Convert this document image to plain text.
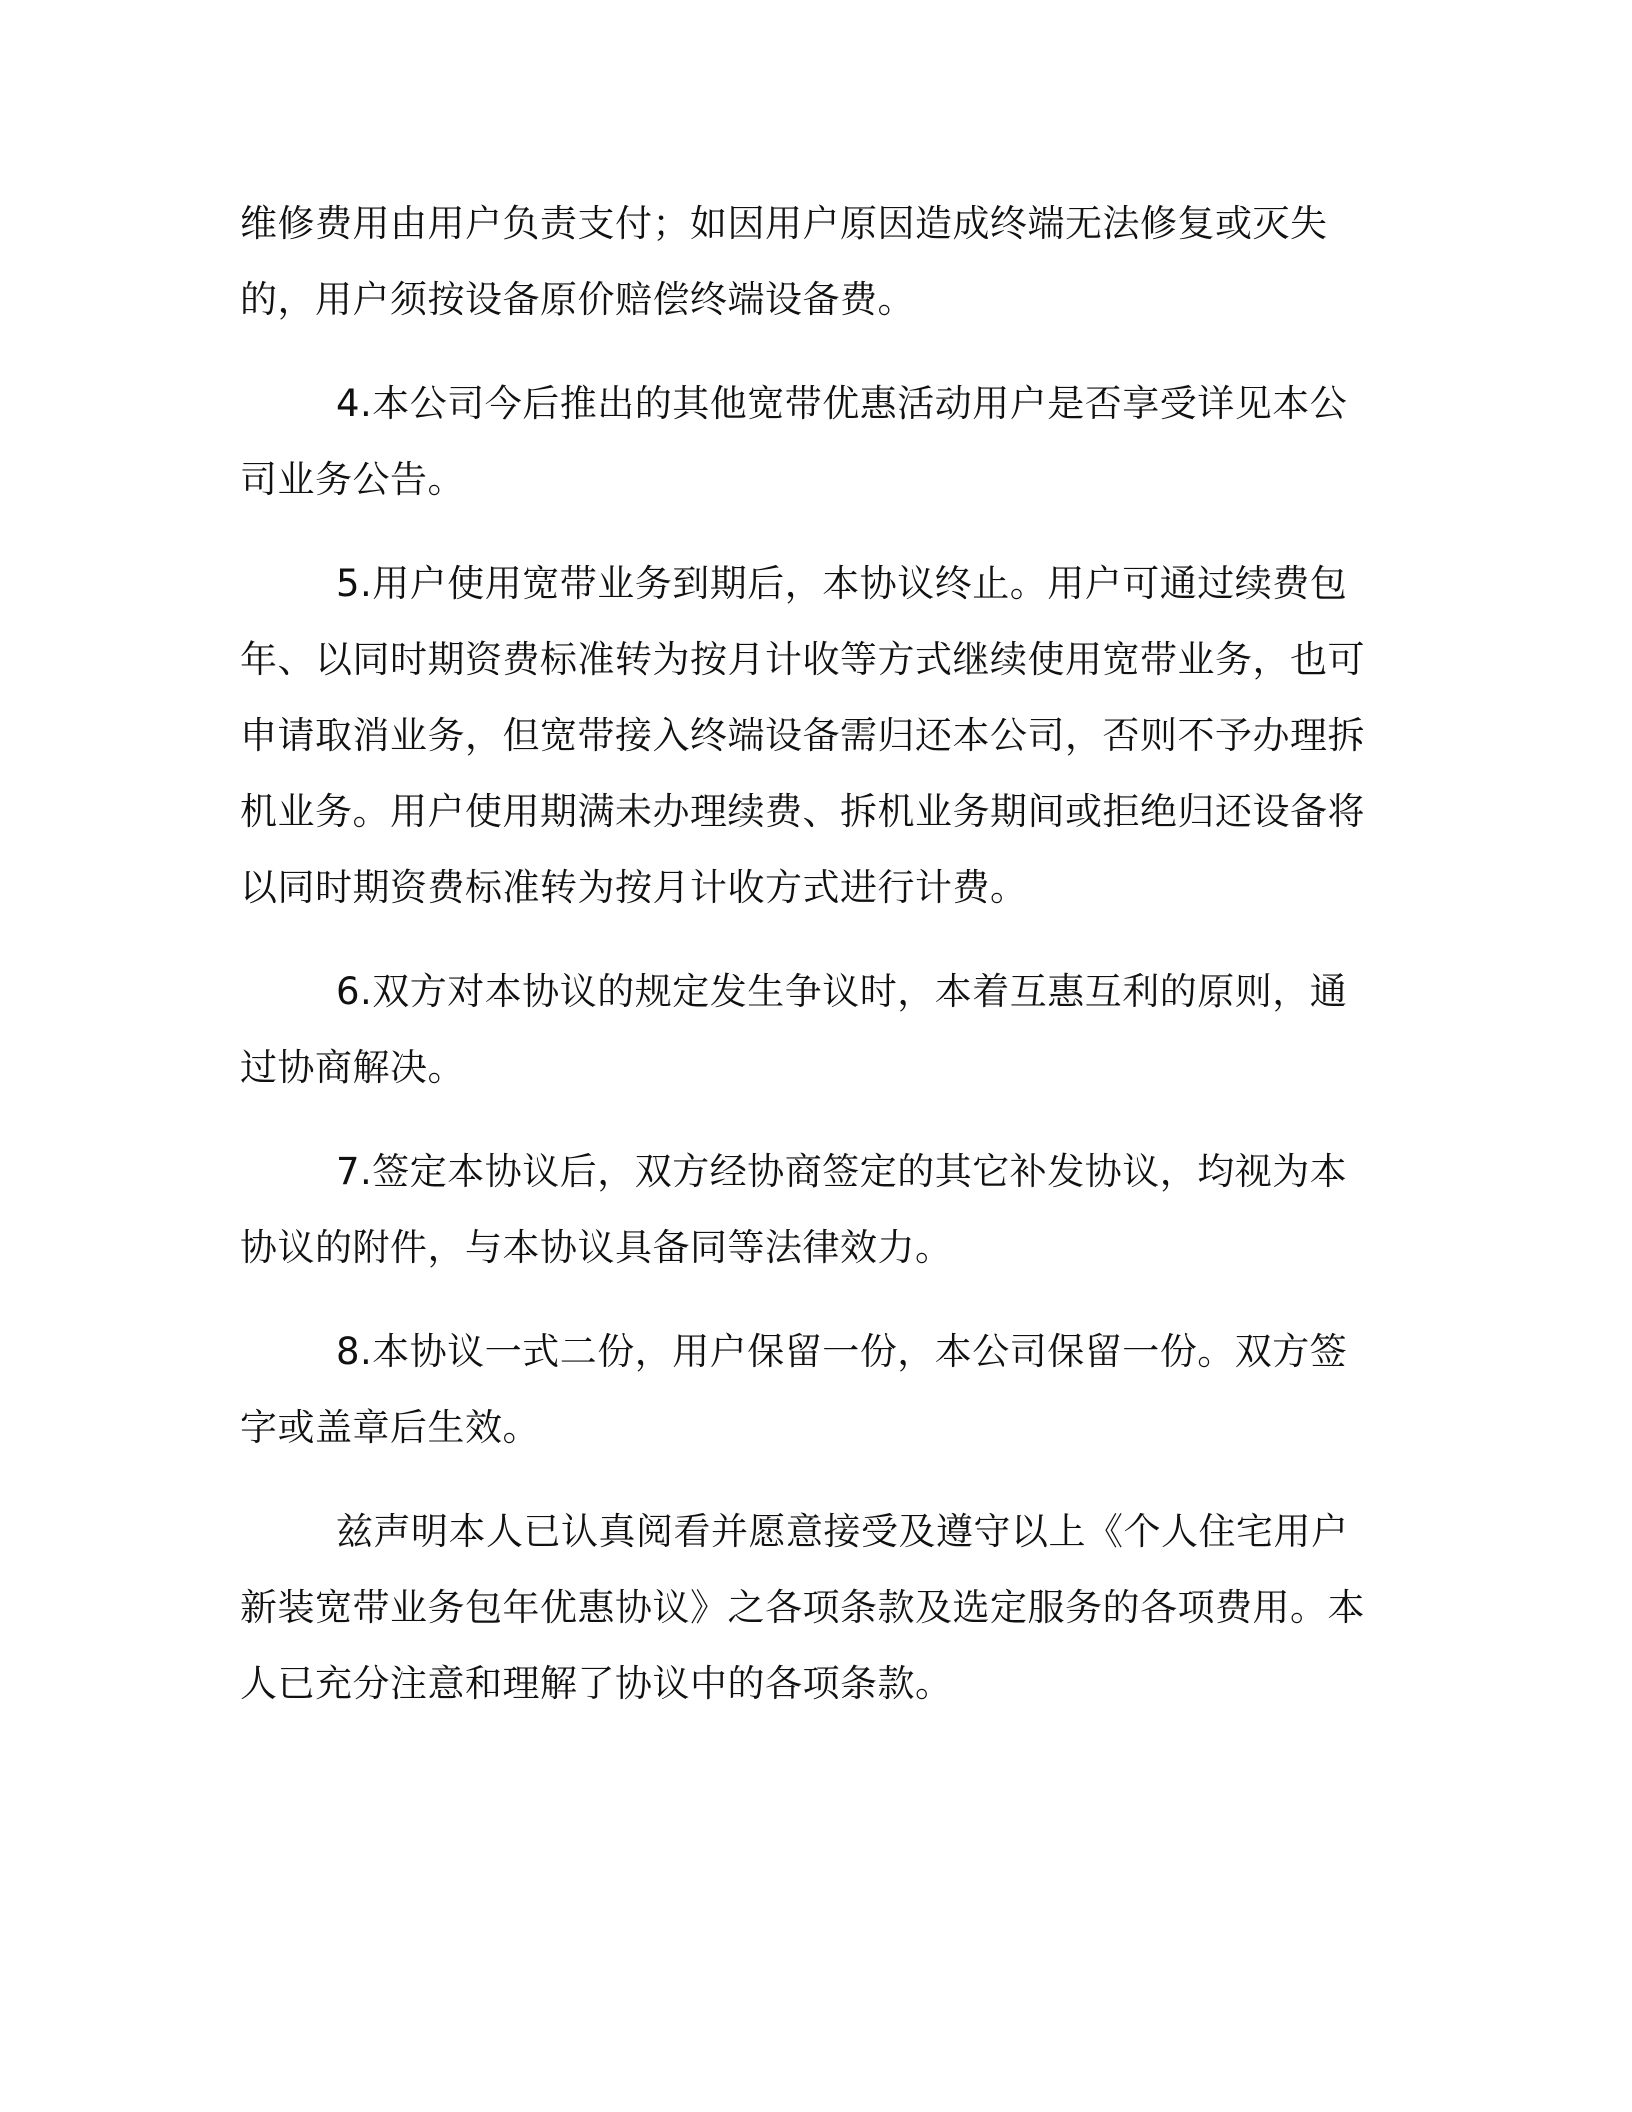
维修费用由用户负责支付；如因用户原因造成终端无法修复或灭失的，用户须按设备原价赔偿终端设备费。

4.本公司今后推出的其他宽带优惠活动用户是否享受详见本公司业务公告。

5.用户使用宽带业务到期后，本协议终止。用户可通过续费包年、以同时期资费标准转为按月计收等方式继续使用宽带业务，也可申请取消业务，但宽带接入终端设备需归还本公司，否则不予办理拆机业务。用户使用期满未办理续费、拆机业务期间或拒绝归还设备将以同时期资费标准转为按月计收方式进行计费。

6.双方对本协议的规定发生争议时，本着互惠互利的原则，通过协商解决。

7.签定本协议后，双方经协商签定的其它补发协议，均视为本协议的附件，与本协议具备同等法律效力。

8.本协议一式二份，用户保留一份，本公司保留一份。双方签字或盖章后生效。

兹声明本人已认真阅看并愿意接受及遵守以上《个人住宅用户新装宽带业务包年优惠协议》之各项条款及选定服务的各项费用。本人已充分注意和理解了协议中的各项条款。
